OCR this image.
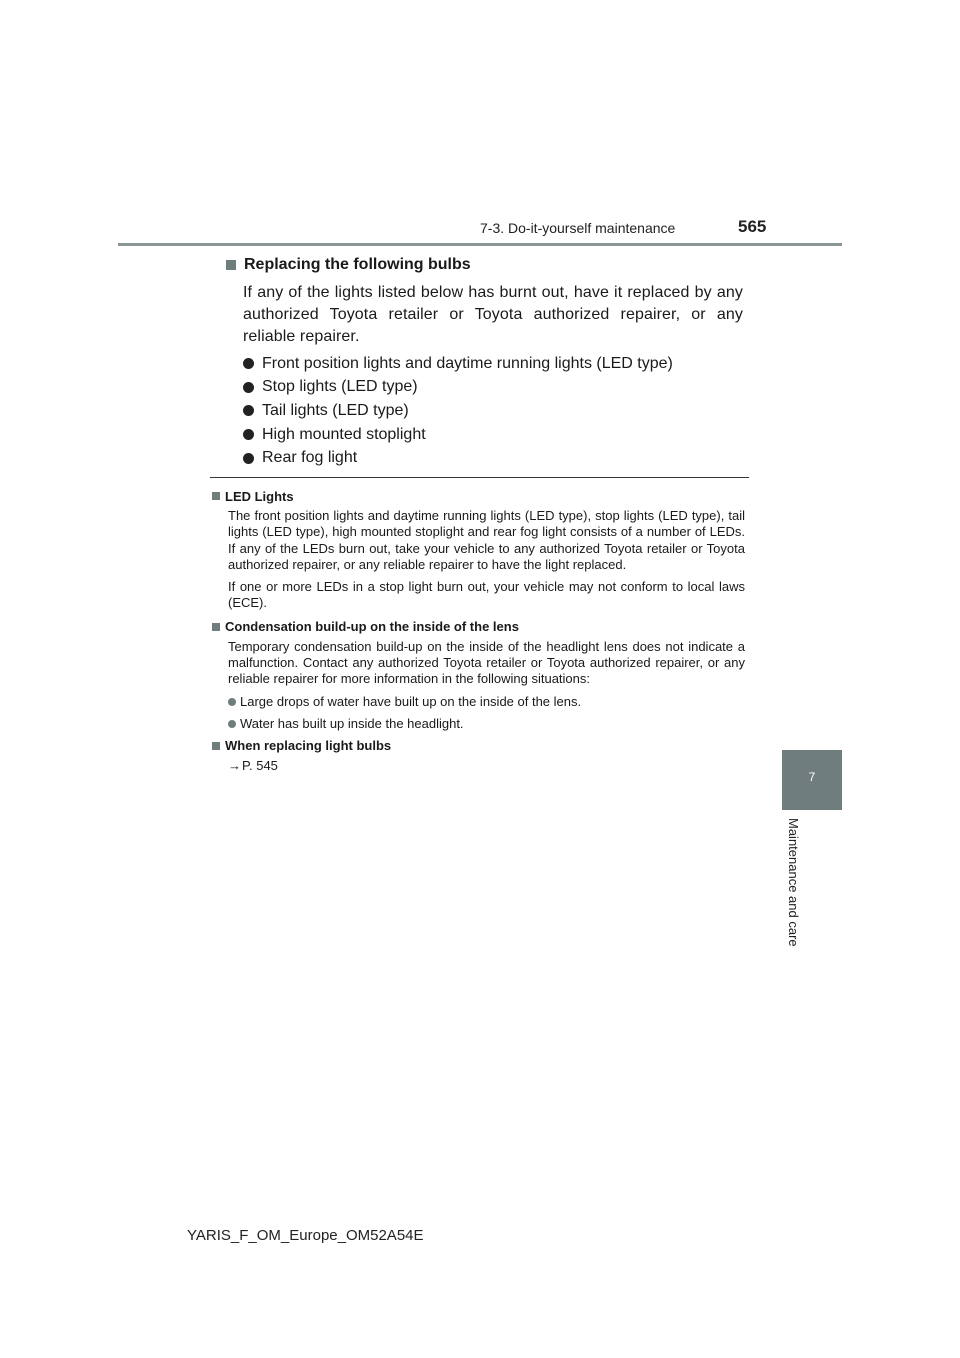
7-3. Do-it-yourself maintenance	565
7
Maintenance and care
Replacing the following bulbs

If any of the lights listed below has burnt out, have it replaced by any authorized Toyota retailer or Toyota authorized repairer, or any reliable repairer.

Front position lights and daytime running lights (LED type)
Stop lights (LED type)
Tail lights (LED type)
High mounted stoplight
Rear fog light
LED Lights

The front position lights and daytime running lights (LED type), stop lights (LED type), tail lights (LED type), high mounted stoplight and rear fog light consists of a number of LEDs. If any of the LEDs burn out, take your vehicle to any authorized Toyota retailer or Toyota authorized repairer, or any reliable repairer to have the light replaced.

If one or more LEDs in a stop light burn out, your vehicle may not conform to local laws (ECE).

Condensation build-up on the inside of the lens

Temporary condensation build-up on the inside of the headlight lens does not indicate a malfunction. Contact any authorized Toyota retailer or Toyota authorized repairer, or any reliable repairer for more information in the following situations:

Large drops of water have built up on the inside of the lens.
Water has built up inside the headlight.
When replacing light bulbs
→P. 545
YARIS_F_OM_Europe_OM52A54E
